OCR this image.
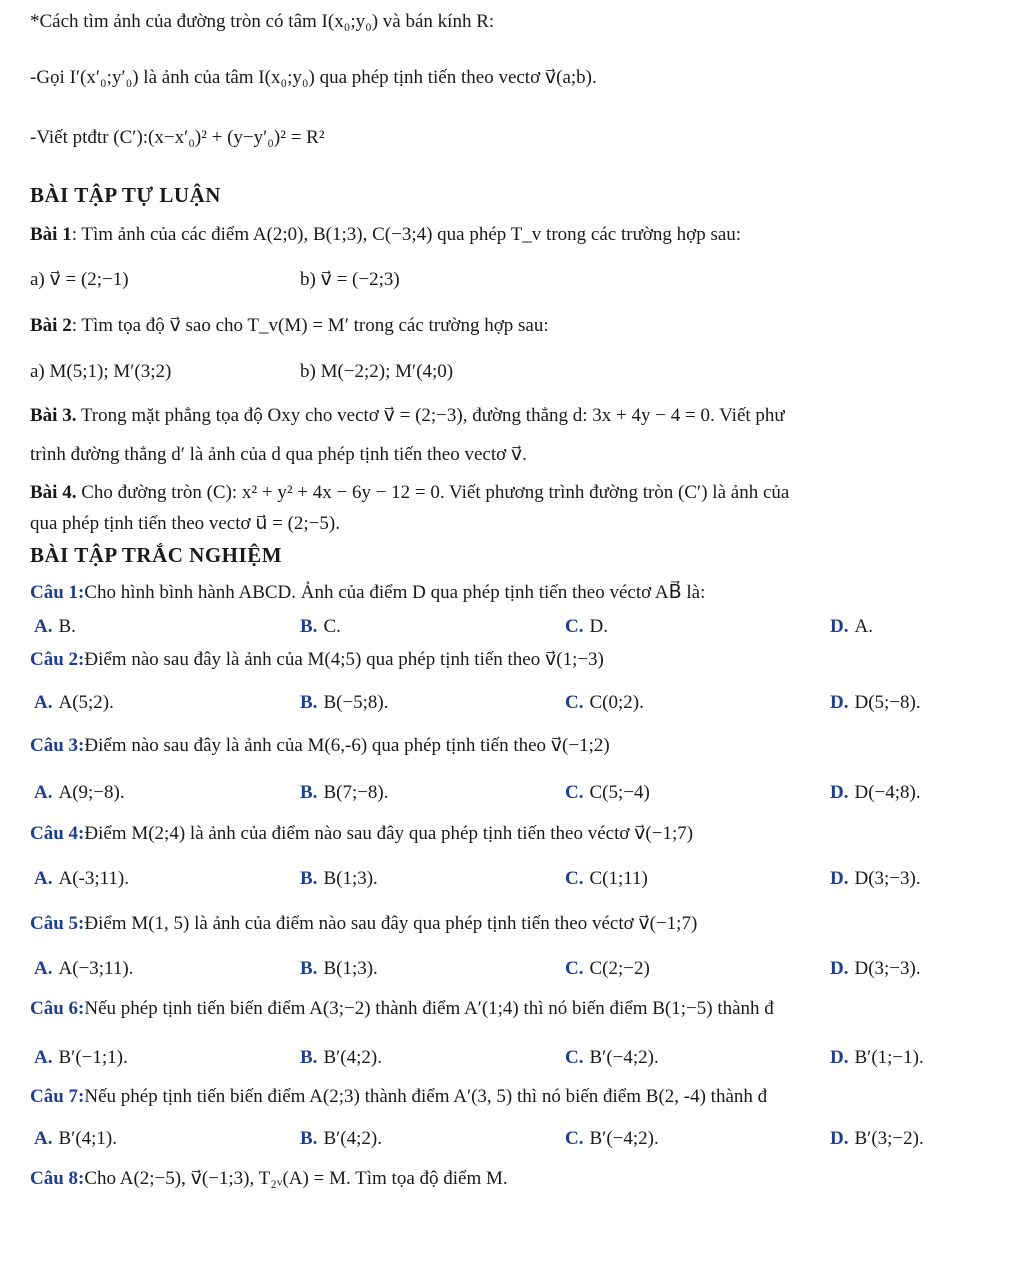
*Cách tìm ảnh của đường tròn có tâm I(x₀;y₀) và bán kính R:
-Gọi I′(x′₀;y′₀) là ảnh của tâm I(x₀;y₀) qua phép tịnh tiến theo vectơ v⃗(a;b).
-Viết ptđtr (C′):(x−x′₀)² + (y−y′₀)² = R²
BÀI TẬP TỰ LUẬN
Bài 1: Tìm ảnh của các điểm A(2;0), B(1;3), C(−3;4) qua phép T_v trong các trường hợp sau:
a) v⃗ = (2;−1)	b) v⃗ = (−2;3)
Bài 2: Tìm tọa độ v⃗ sao cho T_v(M) = M′ trong các trường hợp sau:
a) M(5;1); M′(3;2)	b) M(−2;2); M′(4;0)
Bài 3. Trong mặt phẳng tọa độ Oxy cho vectơ v⃗ = (2;−3), đường thẳng d: 3x + 4y − 4 = 0. Viết phư
trình đường thẳng d′ là ảnh của d qua phép tịnh tiến theo vectơ v⃗.
Bài 4. Cho đường tròn (C): x² + y² + 4x − 6y − 12 = 0. Viết phương trình đường tròn (C′) là ảnh của
qua phép tịnh tiến theo vectơ u⃗ = (2;−5).
BÀI TẬP TRẮC NGHIỆM
Câu 1:Cho hình bình hành ABCD. Ảnh của điểm D qua phép tịnh tiến theo véctơ AB⃗ là:
A. B.	B. C.	C. D.	D. A.
Câu 2:Điểm nào sau đây là ảnh của M(4;5) qua phép tịnh tiến theo v⃗(1;−3)
A. A(5;2).	B. B(−5;8).	C. C(0;2).	D. D(5;−8).
Câu 3:Điểm nào sau đây là ảnh của M(6,-6) qua phép tịnh tiến theo v⃗(−1;2)
A. A(9;−8).	B. B(7;−8).	C. C(5;−4)	D. D(−4;8).
Câu 4:Điểm M(2;4) là ảnh của điểm nào sau đây qua phép tịnh tiến theo véctơ v⃗(−1;7)
A. A(-3;11).	B. B(1;3).	C. C(1;11)	D. D(3;−3).
Câu 5:Điểm M(1, 5) là ảnh của điểm nào sau đây qua phép tịnh tiến theo véctơ v⃗(−1;7)
A. A(−3;11).	B. B(1;3).	C. C(2;−2)	D. D(3;−3).
Câu 6:Nếu phép tịnh tiến biến điểm A(3;−2) thành điểm A′(1;4) thì nó biến điểm B(1;−5) thành đ
A. B′(−1;1).	B. B′(4;2).	C. B′(−4;2).	D. B′(1;−1).
Câu 7:Nếu phép tịnh tiến biến điểm A(2;3) thành điểm A′(3, 5) thì nó biến điểm B(2, -4) thành đ
A. B′(4;1).	B. B′(4;2).	C. B′(−4;2).	D. B′(3;−2).
Câu 8:Cho A(2;−5), v⃗(−1;3), T₂ᵥ(A) = M. Tìm tọa độ điểm M.
